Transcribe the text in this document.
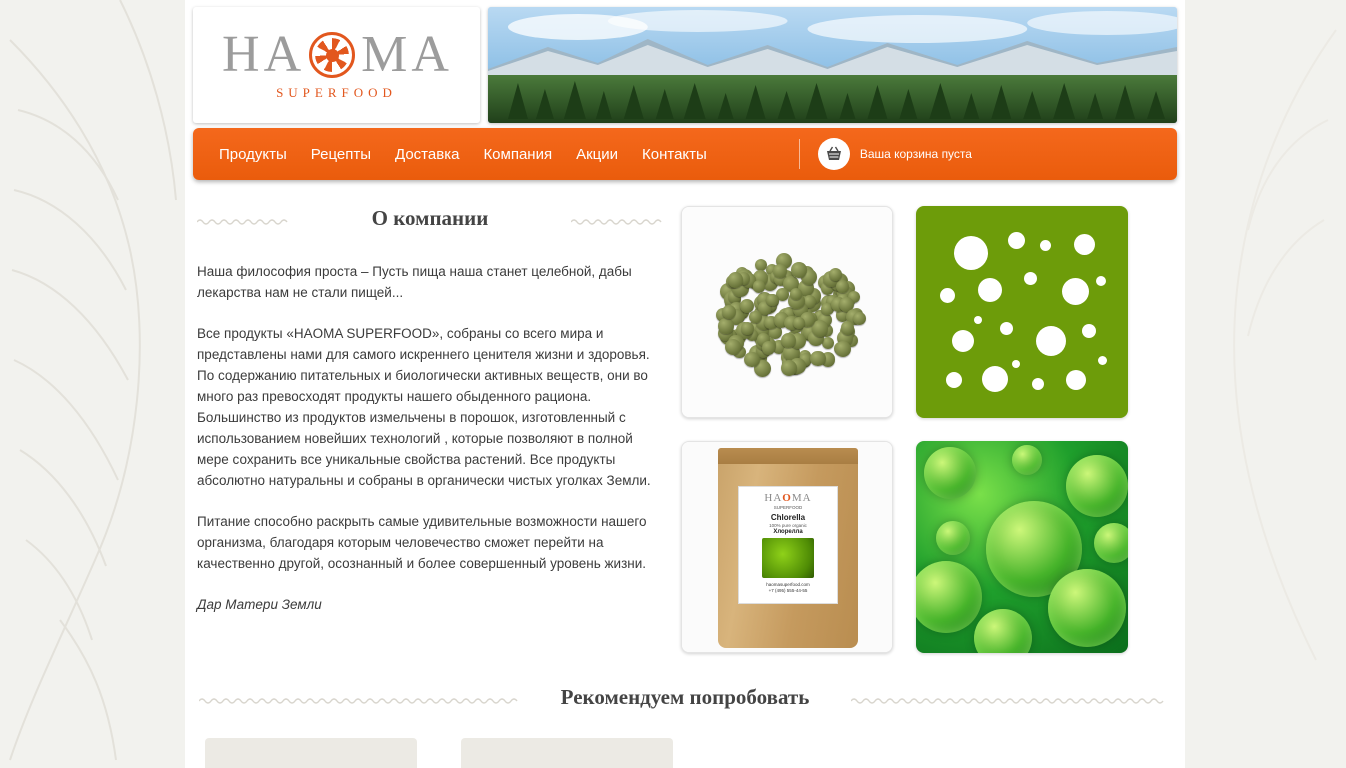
H A M A
SUPERFOOD
Продукты	Рецепты	Доставка	Компания	Акции	Контакты	Ваша корзина пуста
О компании

Наша философия проста – Пусть пища наша станет целебной, дабы лекарства нам не стали пищей...

Все продукты «HAOMA SUPERFOOD», собраны со всего мира и представлены нами для самого искреннего ценителя жизни и здоровья. По содержанию питательных и биологически активных веществ, они во много раз превосходят продукты нашего обыденного рациона. Большинство из продуктов измельчены в порошок, изготовленный с использованием новейших технологий , которые позволяют в полной мере сохранить все уникальные свойства растений. Все продукты абсолютно натуральны и собраны в органически чистых уголках Земли.

Питание способно раскрыть самые удивительные возможности нашего организма, благодаря которым человечество сможет перейти на качественно другой, осознанный и более совершенный уровень жизни.

Дар Матери Земли

HAOMA
SUPERFOOD
Chlorella
100% pure organic
Хлорелла
haomasuperfood.com
+7 (495) 555-44-55
Рекомендуем попробовать
